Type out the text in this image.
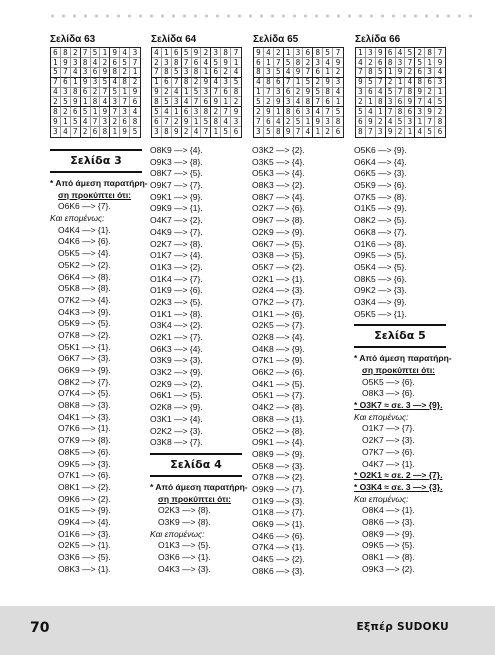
Σελίδα 63
6 8 2 7 5 1 9 4 3
1 9 3 8 4 2 6 5 7
5 7 4 3 6 9 8 2 1
7 6 1 9 3 5 4 8 2
4 3 8 6 2 7 5 1 9
2 5 9 1 8 4 3 7 6
8 2 6 5 1 9 7 3 4
9 1 5 4 7 3 2 6 8
3 4 7 2 6 8 1 9 5
Σελίδα 64
4 1 6 5 9 2 3 8 7
2 3 8 7 6 4 5 9 1
7 8 5 3 8 1 6 2 4
1 6 7 8 2 9 4 3 5
9 2 4 1 5 3 7 6 8
8 5 3 4 7 6 9 1 2
5 4 1 6 3 8 2 7 9
6 7 2 9 1 5 8 4 3
3 8 9 2 4 7 1 5 6
Σελίδα 65
9 4 2 1 3 6 8 5 7
6 1 7 5 8 2 3 4 9
8 3 5 4 9 7 6 1 2
4 8 6 7 1 5 2 9 3
1 7 3 6 2 9 5 8 4
5 2 9 3 4 8 7 6 1
2 9 1 8 6 3 4 7 5
7 6 4 2 5 1 9 3 8
3 5 8 9 7 4 1 2 6
Σελίδα 66
1 3 9 6 4 5 2 8 7
4 2 6 8 3 7 5 1 9
7 8 5 1 9 2 6 3 4
9 5 7 2 1 4 8 6 3
3 6 4 5 7 8 9 2 1
2 1 8 3 6 9 7 4 5
5 4 1 7 8 6 3 9 2
6 9 2 4 5 3 1 7 8
8 7 3 9 2 1 4 5 6
Σελίδα 3
* Από άμεση παρατήρη-
ση προκύπτει ότι:
O6K6 —> {7}.
Και επομένως:
O4K4 —> {1}.
O4K6 —> {6}.
O5K5 —> {4}.
O5K2 —> {2}.
O6K4 —> {8}.
O5K8 —> {8}.
O7K2 —> {4}.
O4K3 —> {9}.
O5K9 —> {5}.
O7K8 —> {2}.
O5K1 —> {1}.
O6K7 —> {3}.
O6K9 —> {9}.
O8K2 —> {7}.
O7K4 —> {5}.
O8K8 —> {3}.
O4K1 —> {3}.
O7K6 —> {1}.
O7K9 —> {8}.
O8K5 —> {6}.
O9K5 —> {3}.
O7K1 —> {6}.
O8K1 —> {2}.
O9K6 —> {2}.
O1K5 —> {9}.
O9K4 —> {4}.
O1K6 —> {3}.
O2K5 —> {1}.
O3K6 —> {5}.
O8K3 —> {1}.
O8K9 —> {4}.
O9K3 —> {8}.
O8K7 —> {5}.
O9K7 —> {7}.
O9K1 —> {9}.
O9K9 —> {1}.
O4K7 —> {2}.
O4K9 —> {7}.
O2K7 —> {8}.
O1K7 —> {4}.
O1K3 —> {2}.
O1K4 —> {7}.
O1K9 —> {6}.
O2K3 —> {5}.
O1K1 —> {8}.
O3K4 —> {2}.
O2K1 —> {7}.
O6K3 —> {4}.
O3K9 —> {3}.
O3K2 —> {9}.
O2K9 —> {2}.
O6K1 —> {5}.
O2K8 —> {9}.
O3K1 —> {4}.
O2K2 —> {3}.
O3K8 —> {7}.
Σελίδα 4
* Από άμεση παρατήρη-
ση προκύπτει ότι:
O2K3 —> {8}.
O3K9 —> {8}.
Και επομένως:
O1K3 —> {5}.
O3K6 —> {1}.
O4K3 —> {3}.
O3K2 —> {2}.
O3K5 —> {4}.
O5K3 —> {4}.
O8K3 —> {2}.
O8K7 —> {4}.
O2K7 —> {6}.
O9K7 —> {8}.
O2K9 —> {9}.
O6K7 —> {5}.
O3K8 —> {5}.
O5K7 —> {2}.
O2K1 —> {1}.
O2K4 —> {3}.
O7K2 —> {7}.
O1K1 —> {6}.
O2K5 —> {7}.
O2K8 —> {4}.
O4K8 —> {9}.
O7K1 —> {9}.
O6K2 —> {6}.
O4K1 —> {5}.
O5K1 —> {7}.
O4K2 —> {8}.
O8K8 —> {1}.
O5K2 —> {8}.
O9K1 —> {4}.
O8K9 —> {9}.
O5K8 —> {3}.
O7K8 —> {2}.
O9K9 —> {7}.
O1K9 —> {3}.
O1K8 —> {7}.
O6K9 —> {1}.
O4K6 —> {6}.
O7K4 —> {1}.
O4K5 —> {2}.
O8K6 —> {3}.
O5K6 —> {9}.
O6K4 —> {4}.
O6K5 —> {3}.
O5K9 —> {6}.
O7K5 —> {8}.
O1K5 —> {9}.
O8K2 —> {5}.
O6K8 —> {7}.
O1K6 —> {8}.
O9K5 —> {5}.
O5K4 —> {5}.
O8K5 —> {6}.
O9K2 —> {3}.
O3K4 —> {9}.
O5K5 —> {1}.
Σελίδα 5
* Από άμεση παρατήρη-
ση προκύπτει ότι:
O5K5 —> {6}.
O8K3 —> {6}.
* O3K7 ≈ σε. 3 —> {9}.
Και επομένως:
O1K7 —> {7}.
O2K7 —> {3}.
O7K7 —> {6}.
O4K7 —> {1}.
* O2K1 ≈ σε. 2 —> {7}.
* O3K4 ≈ σε. 3 —> {3}.
Και επομένως:
O8K4 —> {1}.
O8K6 —> {3}.
O8K9 —> {9}.
O9K5 —> {5}.
O8K1 —> {8}.
O9K3 —> {2}.
70	Εξπέρ SUDOKU
